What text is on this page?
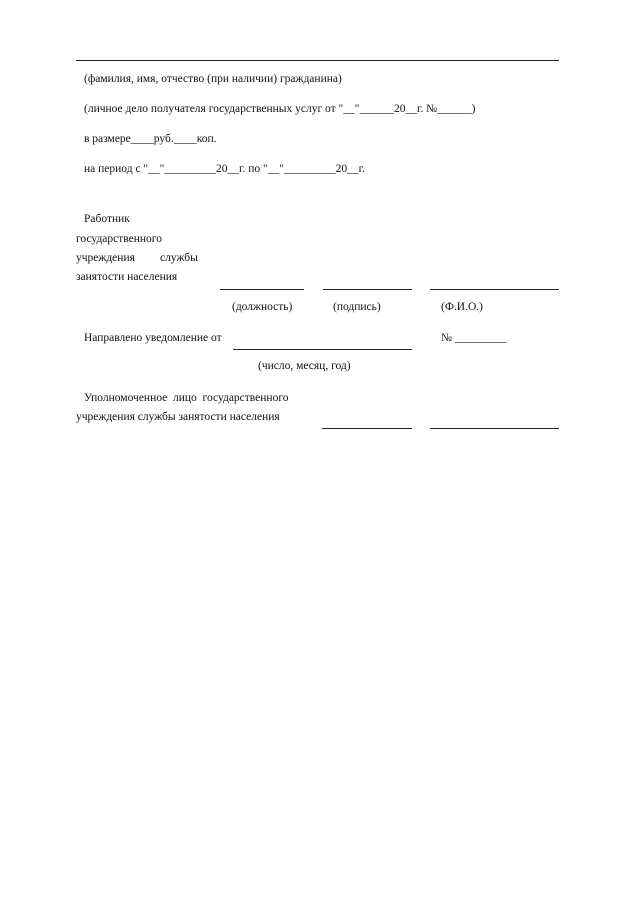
(фамилия, имя, отчество (при наличии) гражданина)
(личное дело получателя государственных услуг от "__"______20__г. №______)
в размере____руб.____коп.
на период с "__"_________20__г. по "__"_________20__г.
Работник
государственного
учреждения службы
занятости населения
(должность)	(подпись)	(Ф.И.О.)
Направлено уведомление от	№ _________
(число, месяц, год)
Уполномоченное  лицо  государственного
учреждения службы занятости населения
